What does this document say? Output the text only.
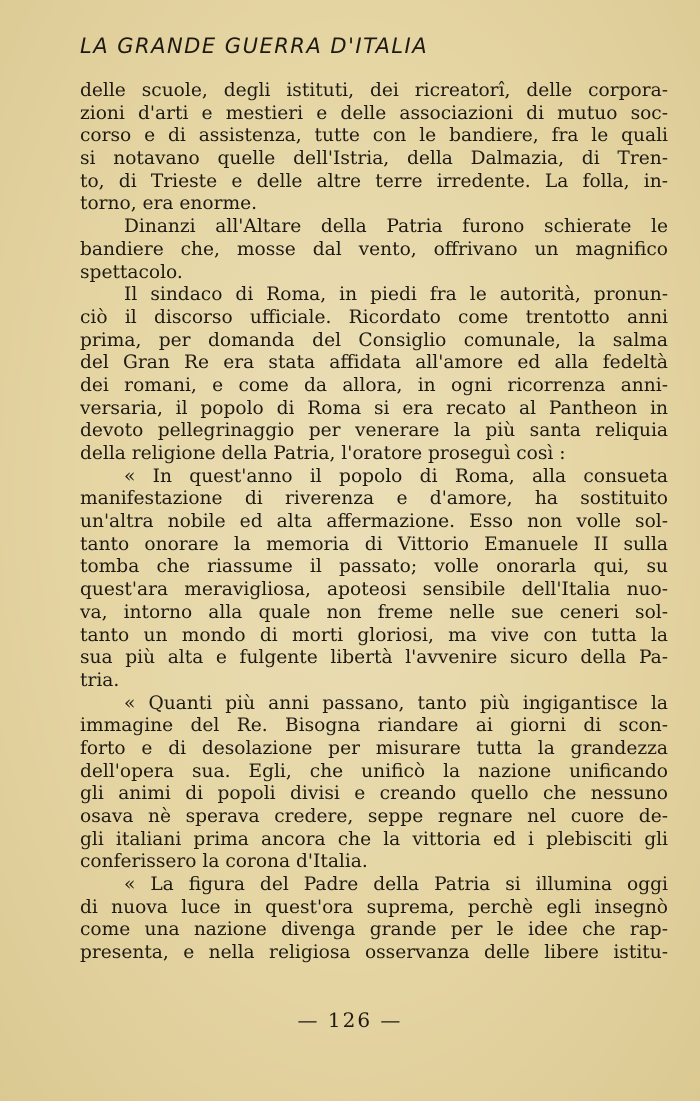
LA GRANDE GUERRA D'ITALIA
delle scuole, degli istituti, dei ricreatorî, delle corpora-
zioni d'arti e mestieri e delle associazioni di mutuo soc-
corso e di assistenza, tutte con le bandiere, fra le quali
si notavano quelle dell'Istria, della Dalmazia, di Tren-
to, di Trieste e delle altre terre irredente. La folla, in-
torno, era enorme.
Dinanzi all'Altare della Patria furono schierate le
bandiere che, mosse dal vento, offrivano un magnifico
spettacolo.
Il sindaco di Roma, in piedi fra le autorità, pronun-
ciò il discorso ufficiale. Ricordato come trentotto anni
prima, per domanda del Consiglio comunale, la salma
del Gran Re era stata affidata all'amore ed alla fedeltà
dei romani, e come da allora, in ogni ricorrenza anni-
versaria, il popolo di Roma si era recato al Pantheon in
devoto pellegrinaggio per venerare la più santa reliquia
della religione della Patria, l'oratore proseguì così :
« In quest'anno il popolo di Roma, alla consueta
manifestazione di riverenza e d'amore, ha sostituito
un'altra nobile ed alta affermazione. Esso non volle sol-
tanto onorare la memoria di Vittorio Emanuele II sulla
tomba che riassume il passato; volle onorarla qui, su
quest'ara meravigliosa, apoteosi sensibile dell'Italia nuo-
va, intorno alla quale non freme nelle sue ceneri sol-
tanto un mondo di morti gloriosi, ma vive con tutta la
sua più alta e fulgente libertà l'avvenire sicuro della Pa-
tria.
« Quanti più anni passano, tanto più ingigantisce la
immagine del Re. Bisogna riandare ai giorni di scon-
forto e di desolazione per misurare tutta la grandezza
dell'opera sua. Egli, che unificò la nazione unificando
gli animi di popoli divisi e creando quello che nessuno
osava nè sperava credere, seppe regnare nel cuore de-
gli italiani prima ancora che la vittoria ed i plebisciti gli
conferissero la corona d'Italia.
« La figura del Padre della Patria si illumina oggi
di nuova luce in quest'ora suprema, perchè egli insegnò
come una nazione divenga grande per le idee che rap-
presenta, e nella religiosa osservanza delle libere istitu-
— 126 —
